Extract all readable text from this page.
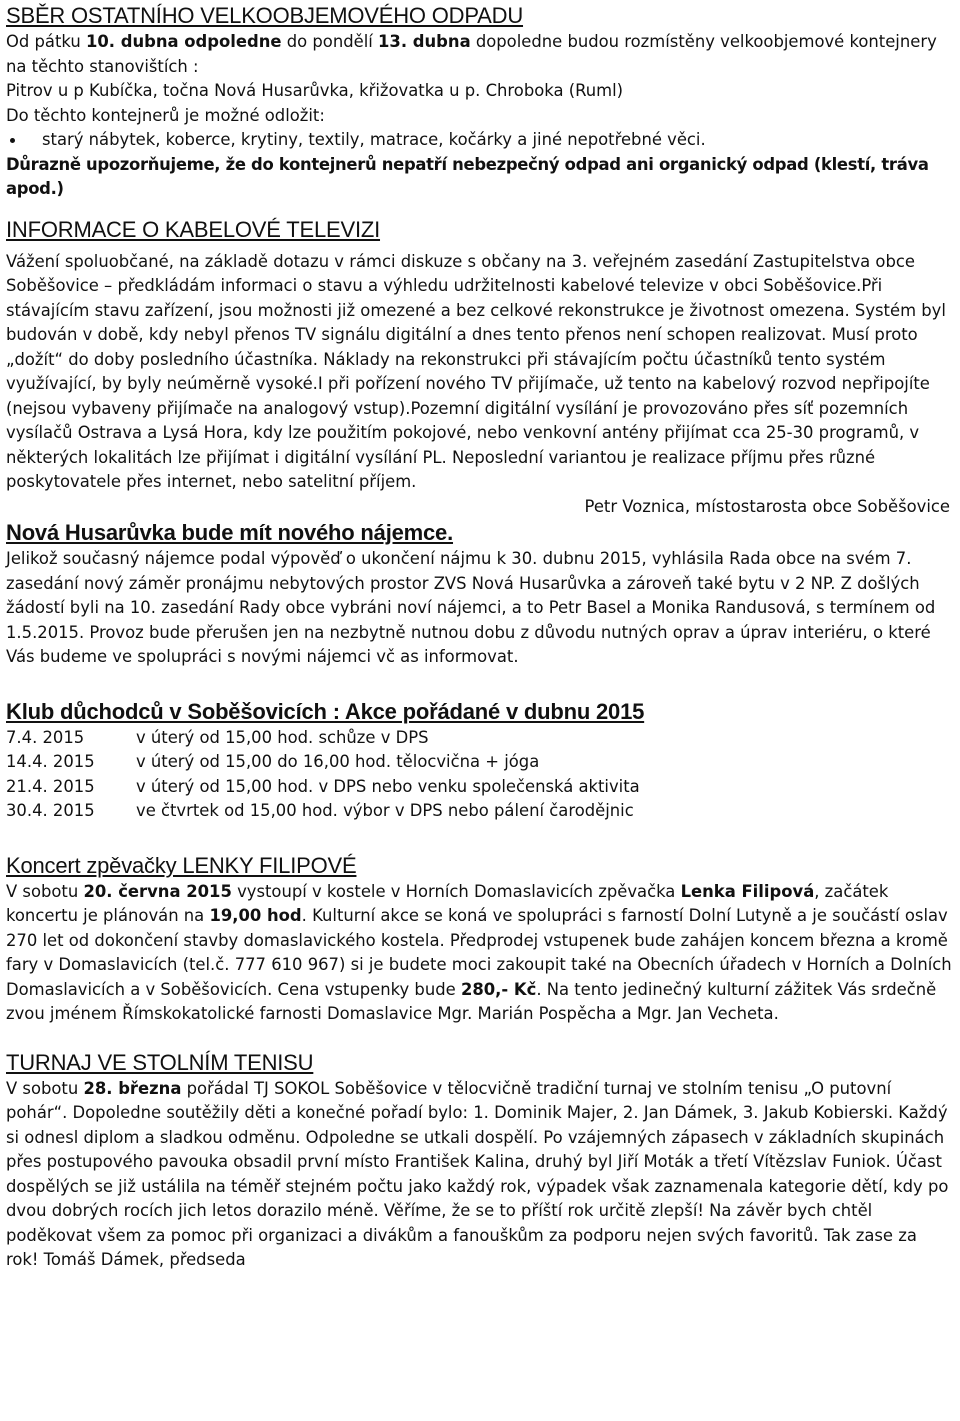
SBĚR OSTATNÍHO VELKOOBJEMOVÉHO ODPADU

Od pátku 10. dubna odpoledne do pondělí 13. dubna dopoledne budou rozmístěny velkoobjemové kontejnery na těchto stanovištích :

Pitrov u p Kubíčka, točna Nová Husarůvka, křižovatka u p. Chroboka (Ruml)

Do těchto kontejnerů je možné odložit:

starý nábytek, koberce, krytiny, textily, matrace, kočárky a jiné nepotřebné věci.

Důrazně upozorňujeme, že do kontejnerů nepatří nebezpečný odpad ani organický odpad (klestí, tráva apod.)

INFORMACE O KABELOVÉ TELEVIZI

Vážení spoluobčané, na základě dotazu v rámci diskuze s občany na 3. veřejném zasedání Zastupitelstva obce Soběšovice – předkládám informaci o stavu a výhledu udržitelnosti kabelové televize v obci Soběšovice.Při stávajícím stavu zařízení, jsou možnosti již omezené a bez celkové rekonstrukce je životnost omezena. Systém byl budován v době, kdy nebyl přenos TV signálu digitální a dnes tento přenos není schopen realizovat. Musí proto „dožít“ do doby posledního účastníka. Náklady na rekonstrukci při stávajícím počtu účastníků tento systém využívající, by byly neúměrně vysoké.I při pořízení nového TV přijímače, už tento na kabelový rozvod nepřipojíte (nejsou vybaveny přijímače na analogový vstup).Pozemní digitální vysílání je provozováno přes síť pozemních vysílačů Ostrava a Lysá Hora, kdy lze použitím pokojové, nebo venkovní antény přijímat cca 25-30 programů, v některých lokalitách lze přijímat i digitální vysílání PL. Neposlední variantou je realizace příjmu přes různé poskytovatele přes internet, nebo satelitní příjem.

Petr Voznica, místostarosta obce Soběšovice

Nová Husarůvka bude mít nového nájemce.

Jelikož současný nájemce podal výpověď o ukončení nájmu k 30. dubnu 2015, vyhlásila Rada obce na svém 7. zasedání nový záměr pronájmu nebytových prostor ZVS Nová Husarůvka a zároveň také bytu v 2 NP. Z došlých žádostí byli na 10. zasedání Rady obce vybráni noví nájemci, a to Petr Basel a Monika Randusová, s termínem od 1.5.2015. Provoz bude přerušen jen na nezbytně nutnou dobu z důvodu nutných oprav a úprav interiéru, o které Vás budeme ve spolupráci s novými nájemci vč as informovat.

Klub důchodců v Soběšovicích : Akce pořádané v dubnu 2015
7.4. 2015	v úterý od 15,00 hod. schůze v DPS
14.4. 2015	v úterý od 15,00 do 16,00 hod. tělocvična + jóga
21.4. 2015	v úterý od 15,00 hod. v DPS nebo venku společenská aktivita
30.4. 2015	ve čtvrtek od 15,00 hod. výbor v DPS nebo pálení čarodějnic
Koncert zpěvačky LENKY FILIPOVÉ

V sobotu 20. června 2015 vystoupí v kostele v Horních Domaslavicích zpěvačka Lenka Filipová, začátek koncertu je plánován na 19,00 hod. Kulturní akce se koná ve spolupráci s farností Dolní Lutyně a je součástí oslav 270 let od dokončení stavby domaslavického kostela. Předprodej vstupenek bude zahájen koncem března a kromě fary v Domaslavicích (tel.č. 777 610 967) si je budete moci zakoupit také na Obecních úřadech v Horních a Dolních Domaslavicích a v Soběšovicích. Cena vstupenky bude 280,- Kč. Na tento jedinečný kulturní zážitek Vás srdečně zvou jménem Římskokatolické farnosti Domaslavice Mgr. Marián Pospěcha a Mgr. Jan Vecheta.

TURNAJ VE STOLNÍM TENISU

V sobotu 28. března pořádal TJ SOKOL Soběšovice v tělocvičně tradiční turnaj ve stolním tenisu „O putovní pohár“. Dopoledne soutěžily děti a konečné pořadí bylo: 1. Dominik Majer, 2. Jan Dámek, 3. Jakub Kobierski. Každý si odnesl diplom a sladkou odměnu. Odpoledne se utkali dospělí. Po vzájemných zápasech v základních skupinách přes postupového pavouka obsadil první místo František Kalina, druhý byl Jiří Moták a třetí Vítězslav Funiok. Účast dospělých se již ustálila na téměř stejném počtu jako každý rok, výpadek však zaznamenala kategorie dětí, kdy po dvou dobrých rocích jich letos dorazilo méně. Věříme, že se to příští rok určitě zlepší! Na závěr bych chtěl poděkovat všem za pomoc při organizaci a divákům a fanouškům za podporu nejen svých favoritů. Tak zase za rok! Tomáš Dámek, předseda
